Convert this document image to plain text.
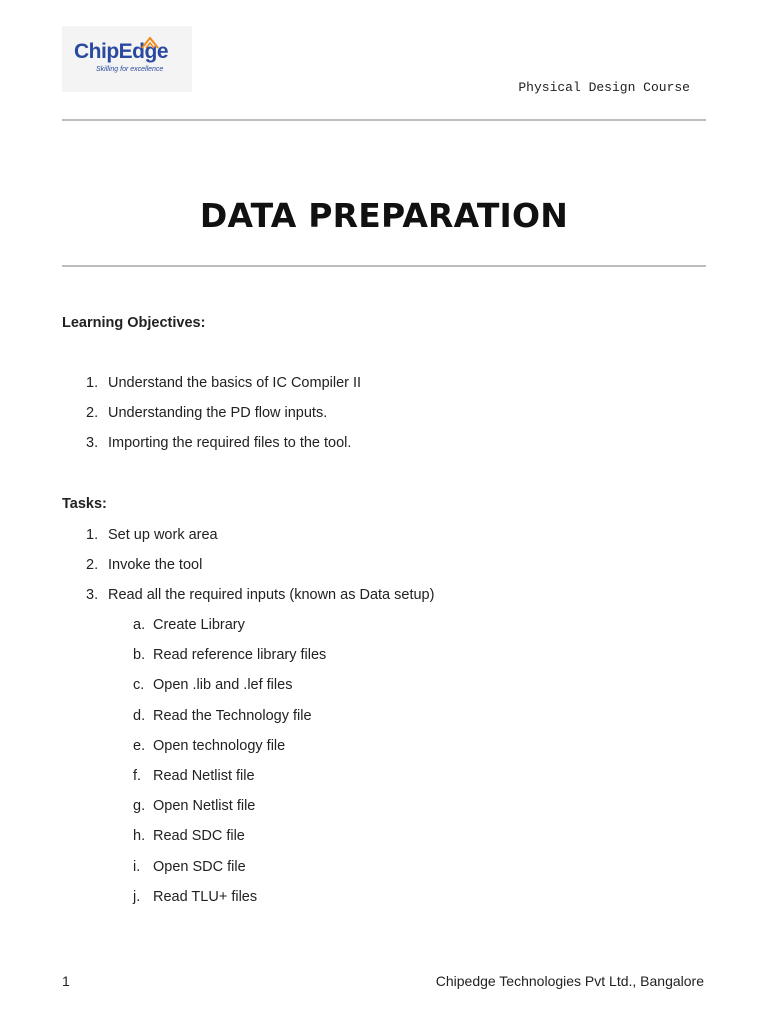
ChipEdge
Skilling for excellence
Physical Design Course
DATA PREPARATION
Learning Objectives:
1. Understand the basics of IC Compiler II
2. Understanding the PD flow inputs.
3. Importing the required files to the tool.
Tasks:
1. Set up work area
2. Invoke the tool
3. Read all the required inputs (known as Data setup)
a. Create Library
b. Read reference library files
c. Open .lib and .lef files
d. Read the Technology file
e. Open technology file
f. Read Netlist file
g. Open Netlist file
h. Read SDC file
i. Open SDC file
j. Read TLU+ files
1	Chipedge Technologies Pvt Ltd., Bangalore
